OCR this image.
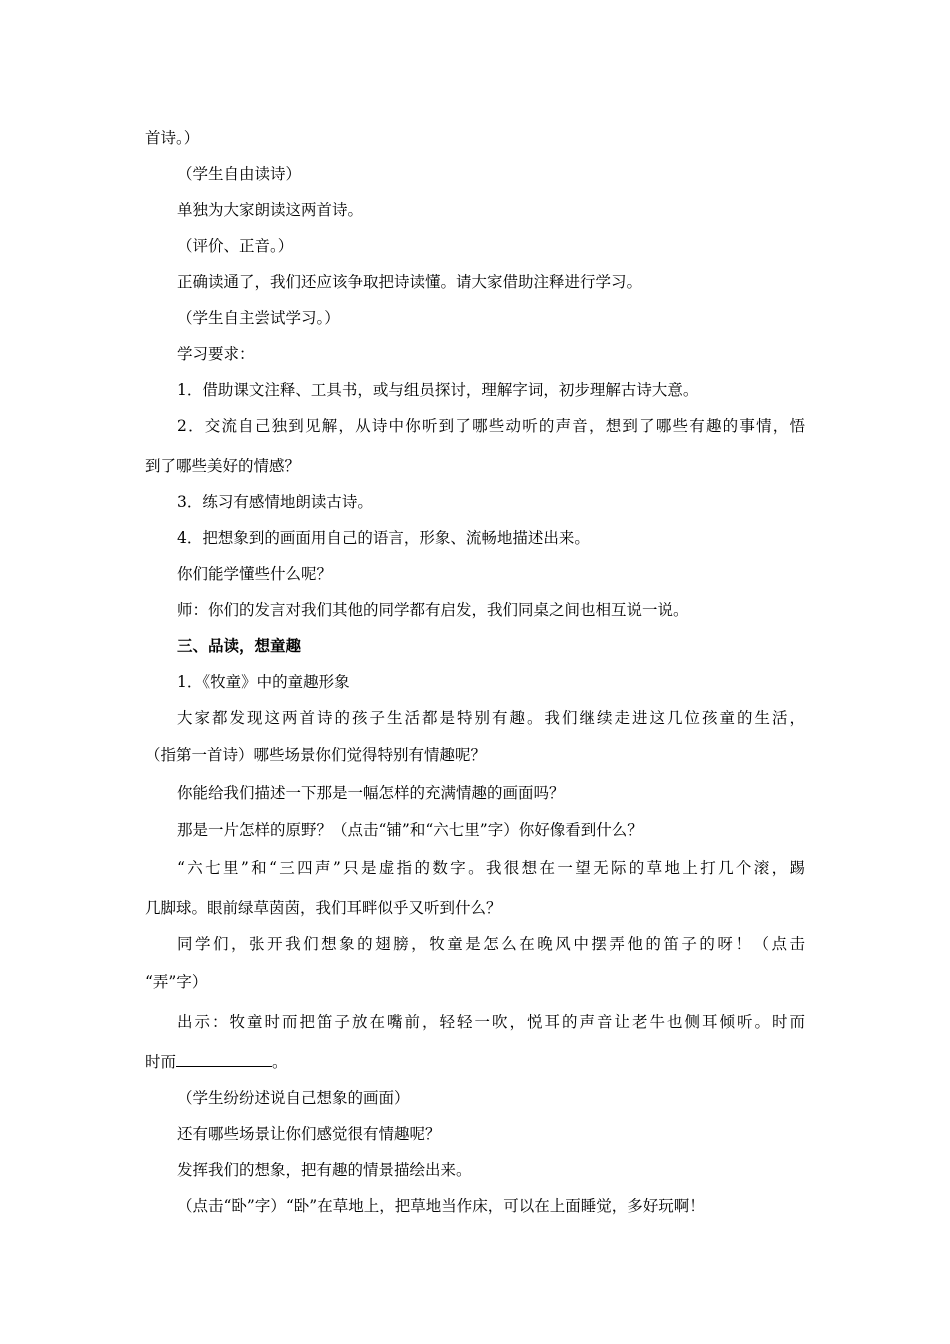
首诗。）
（学生自由读诗）
单独为大家朗读这两首诗。
（评价、正音。）
正确读通了，我们还应该争取把诗读懂。请大家借助注释进行学习。
（学生自主尝试学习。）
学习要求：
1．借助课文注释、工具书，或与组员探讨，理解字词，初步理解古诗大意。
2．交流自己独到见解，从诗中你听到了哪些动听的声音，想到了哪些有趣的事情，悟
到了哪些美好的情感？
3．练习有感情地朗读古诗。
4．把想象到的画面用自己的语言，形象、流畅地描述出来。
你们能学懂些什么呢？
师：你们的发言对我们其他的同学都有启发，我们同桌之间也相互说一说。
三、品读，想童趣
1．《牧童》中的童趣形象
大家都发现这两首诗的孩子生活都是特别有趣。我们继续走进这几位孩童的生活，
（指第一首诗）哪些场景你们觉得特别有情趣呢？
你能给我们描述一下那是一幅怎样的充满情趣的画面吗？
那是一片怎样的原野？（点击“铺”和“六七里”字）你好像看到什么？
“六七里”和“三四声”只是虚指的数字。我很想在一望无际的草地上打几个滚，踢
几脚球。眼前绿草茵茵，我们耳畔似乎又听到什么？
同学们，张开我们想象的翅膀，牧童是怎么在晚风中摆弄他的笛子的呀！（点击
“弄”字）
出示：牧童时而把笛子放在嘴前，轻轻一吹，悦耳的声音让老牛也侧耳倾听。时而
时而	。
（学生纷纷述说自己想象的画面）
还有哪些场景让你们感觉很有情趣呢？
发挥我们的想象，把有趣的情景描绘出来。
（点击“卧”字）“卧”在草地上，把草地当作床，可以在上面睡觉，多好玩啊！
